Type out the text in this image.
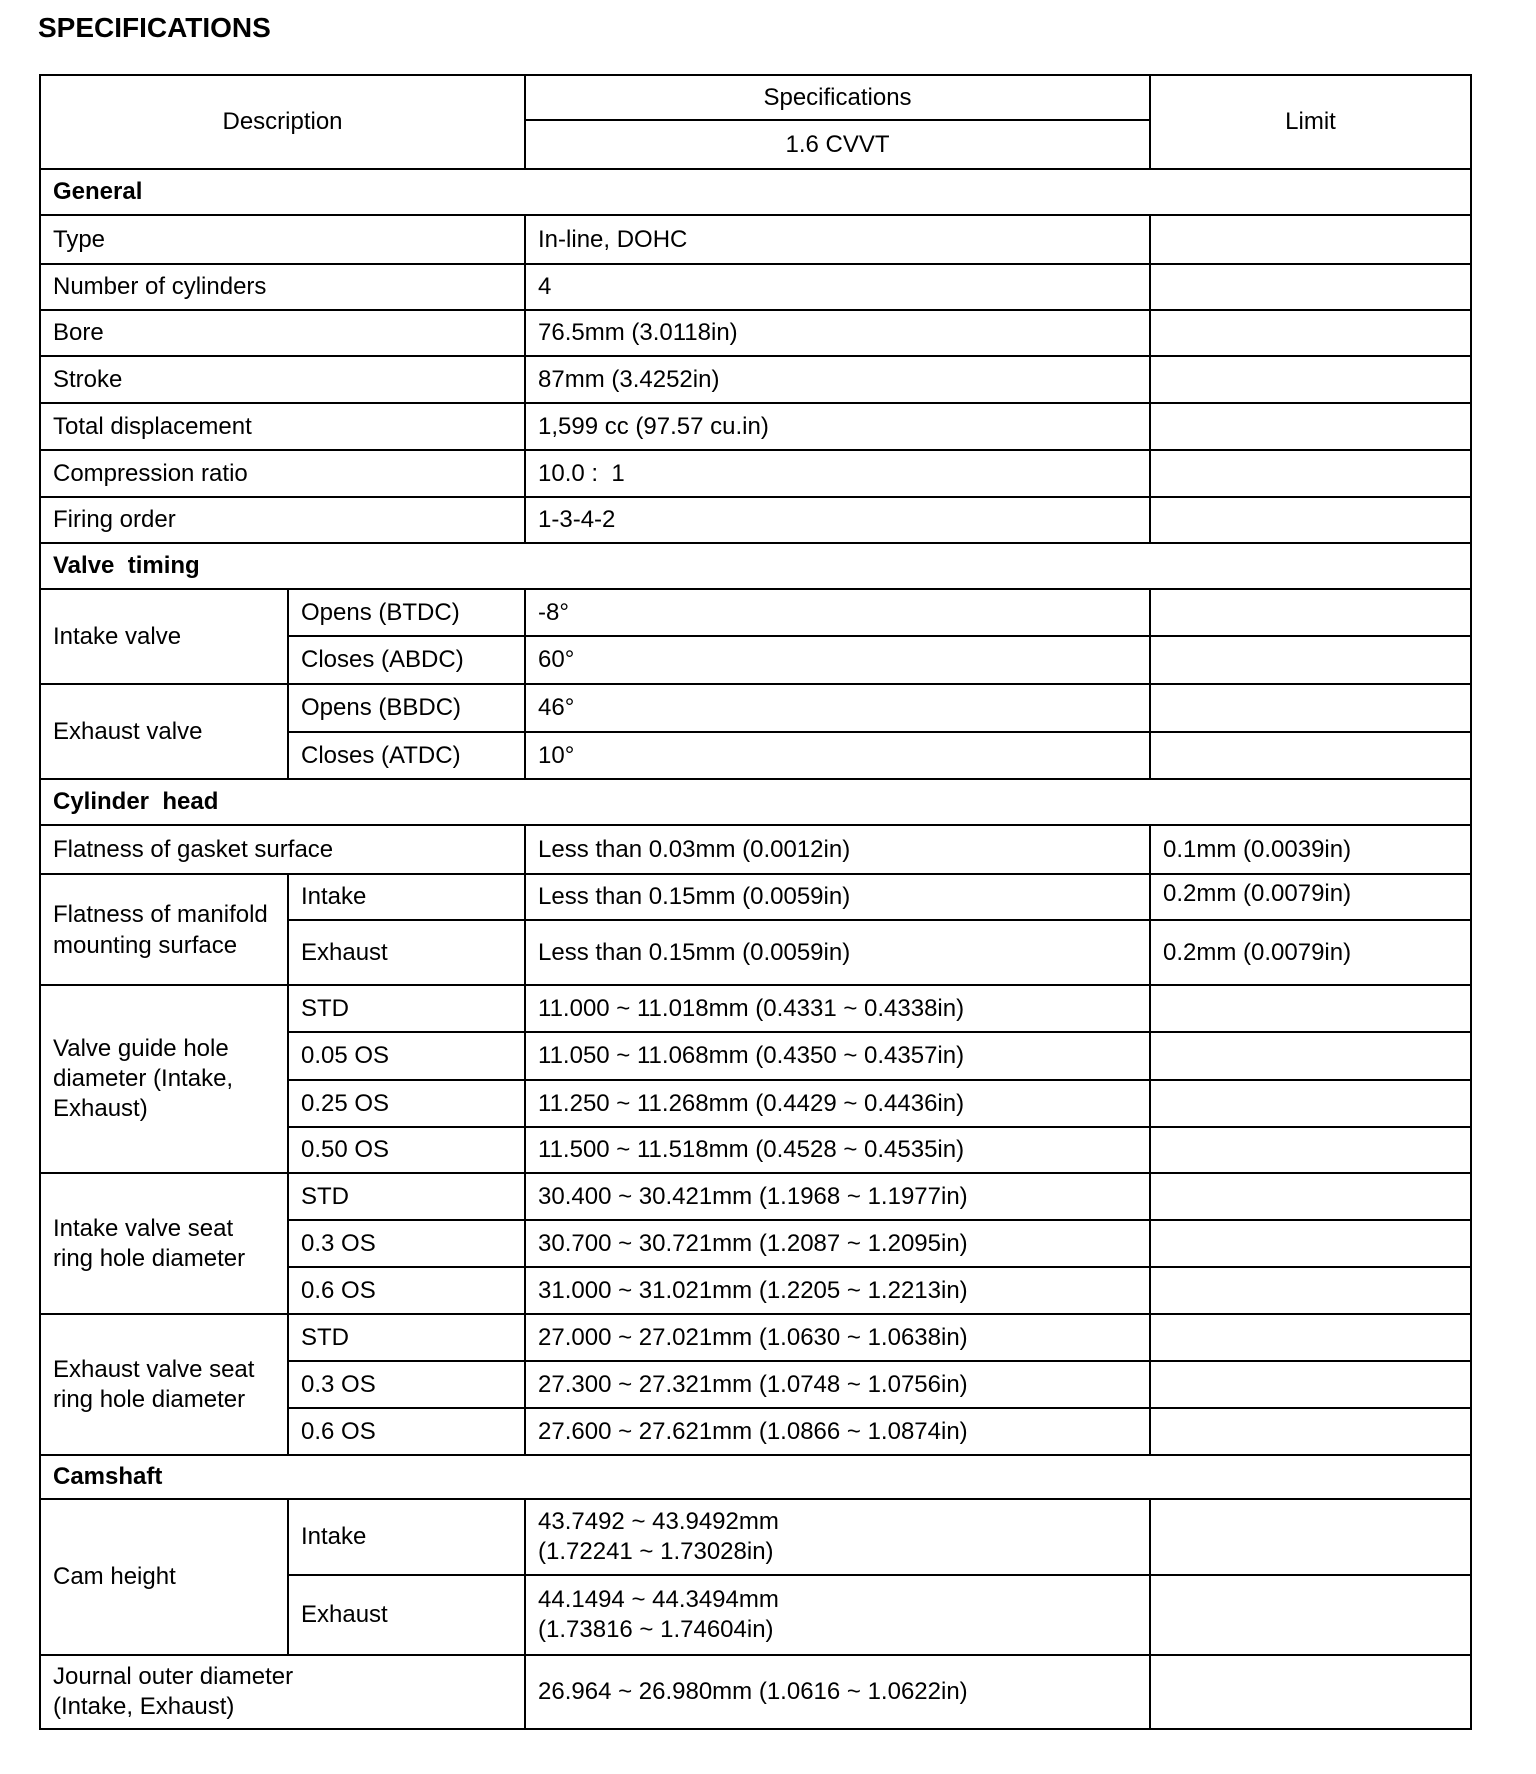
SPECIFICATIONS
Description		Specifications	Limit
		1.6 CVVT	
General			
Type		In-line, DOHC	
Number of cylinders		4	
Bore		76.5mm (3.0118in)	
Stroke		87mm (3.4252in)	
Total displacement		1,599 cc (97.57 cu.in)	
Compression ratio		10.0 :  1	
Firing order		1-3-4-2	
Valve  timing			
Intake valve	Opens (BTDC)	-8°	
	Closes (ABDC)	60°	
Exhaust valve	Opens (BBDC)	46°	
	Closes (ATDC)	10°	
Cylinder  head			
Flatness of gasket surface		Less than 0.03mm (0.0012in)	0.1mm (0.0039in)
Flatness of manifold mounting surface	Intake	Less than 0.15mm (0.0059in)	0.2mm (0.0079in)
	Exhaust	Less than 0.15mm (0.0059in)	0.2mm (0.0079in)
Valve guide hole diameter (Intake, Exhaust)	STD	11.000 ~ 11.018mm (0.4331 ~ 0.4338in)	
	0.05 OS	11.050 ~ 11.068mm (0.4350 ~ 0.4357in)	
	0.25 OS	11.250 ~ 11.268mm (0.4429 ~ 0.4436in)	
	0.50 OS	11.500 ~ 11.518mm (0.4528 ~ 0.4535in)	
Intake valve seat ring hole diameter	STD	30.400 ~ 30.421mm (1.1968 ~ 1.1977in)	
	0.3 OS	30.700 ~ 30.721mm (1.2087 ~ 1.2095in)	
	0.6 OS	31.000 ~ 31.021mm (1.2205 ~ 1.2213in)	
Exhaust valve seat ring hole diameter	STD	27.000 ~ 27.021mm (1.0630 ~ 1.0638in)	
	0.3 OS	27.300 ~ 27.321mm (1.0748 ~ 1.0756in)	
	0.6 OS	27.600 ~ 27.621mm (1.0866 ~ 1.0874in)	
Camshaft			
Cam height	Intake	43.7492 ~ 43.9492mm
(1.72241 ~ 1.73028in)	

	Exhaust	44.1494 ~ 44.3494mm
(1.73816 ~ 1.74604in)	

Journal outer diameter
(Intake, Exhaust)		26.964 ~ 26.980mm (1.0616 ~ 1.0622in)	
